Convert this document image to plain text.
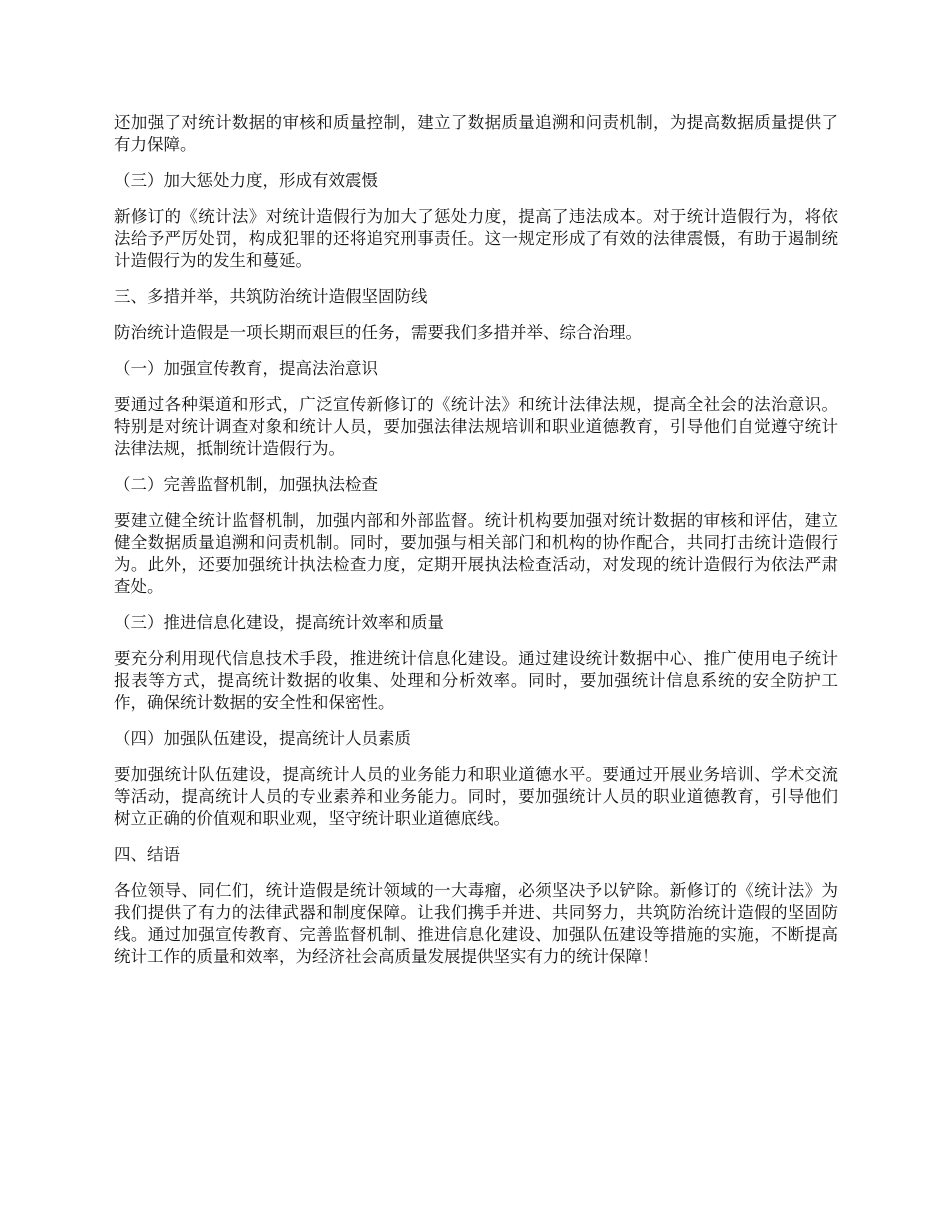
还加强了对统计数据的审核和质量控制，建立了数据质量追溯和问责机制，为提高数据质量提供了有力保障。

（三）加大惩处力度，形成有效震慑

新修订的《统计法》对统计造假行为加大了惩处力度，提高了违法成本。对于统计造假行为，将依法给予严厉处罚，构成犯罪的还将追究刑事责任。这一规定形成了有效的法律震慑，有助于遏制统计造假行为的发生和蔓延。

三、多措并举，共筑防治统计造假坚固防线

防治统计造假是一项长期而艰巨的任务，需要我们多措并举、综合治理。

（一）加强宣传教育，提高法治意识

要通过各种渠道和形式，广泛宣传新修订的《统计法》和统计法律法规，提高全社会的法治意识。特别是对统计调查对象和统计人员，要加强法律法规培训和职业道德教育，引导他们自觉遵守统计法律法规，抵制统计造假行为。

（二）完善监督机制，加强执法检查

要建立健全统计监督机制，加强内部和外部监督。统计机构要加强对统计数据的审核和评估，建立健全数据质量追溯和问责机制。同时，要加强与相关部门和机构的协作配合，共同打击统计造假行为。此外，还要加强统计执法检查力度，定期开展执法检查活动，对发现的统计造假行为依法严肃查处。

（三）推进信息化建设，提高统计效率和质量

要充分利用现代信息技术手段，推进统计信息化建设。通过建设统计数据中心、推广使用电子统计报表等方式，提高统计数据的收集、处理和分析效率。同时，要加强统计信息系统的安全防护工作，确保统计数据的安全性和保密性。

（四）加强队伍建设，提高统计人员素质

要加强统计队伍建设，提高统计人员的业务能力和职业道德水平。要通过开展业务培训、学术交流等活动，提高统计人员的专业素养和业务能力。同时，要加强统计人员的职业道德教育，引导他们树立正确的价值观和职业观，坚守统计职业道德底线。

四、结语

各位领导、同仁们，统计造假是统计领域的一大毒瘤，必须坚决予以铲除。新修订的《统计法》为我们提供了有力的法律武器和制度保障。让我们携手并进、共同努力，共筑防治统计造假的坚固防线。通过加强宣传教育、完善监督机制、推进信息化建设、加强队伍建设等措施的实施，不断提高统计工作的质量和效率，为经济社会高质量发展提供坚实有力的统计保障！
